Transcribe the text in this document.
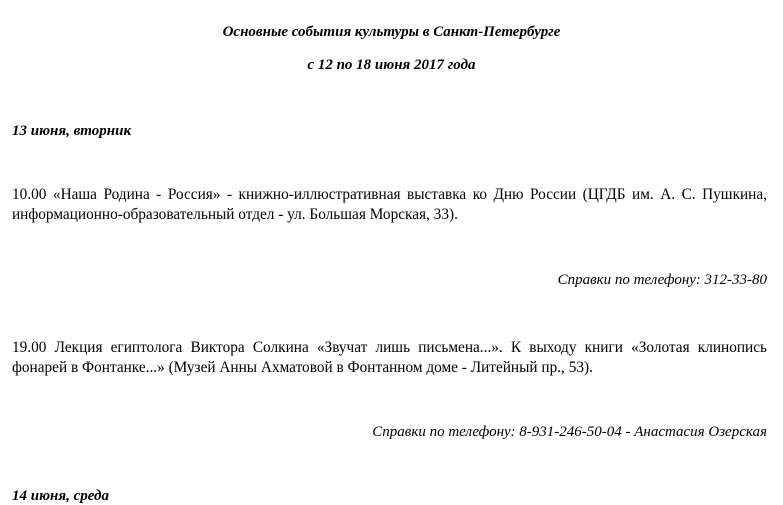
Основные события культуры в Санкт-Петербурге
с 12 по 18 июня 2017 года
13 июня, вторник
10.00 «Наша Родина - Россия» - книжно-иллюстративная выставка ко Дню России (ЦГДБ им. А. С. Пушкина, информационно-образовательный отдел - ул. Большая Морская, 33).
Справки по телефону: 312-33-80
19.00 Лекция египтолога Виктора Солкина «Звучат лишь письмена...». К выходу книги «Золотая клинопись фонарей в Фонтанке...» (Музей Анны Ахматовой в Фонтанном доме - Литейный пр., 53).
Справки по телефону: 8-931-246-50-04 - Анастасия Озерская
14 июня, среда
